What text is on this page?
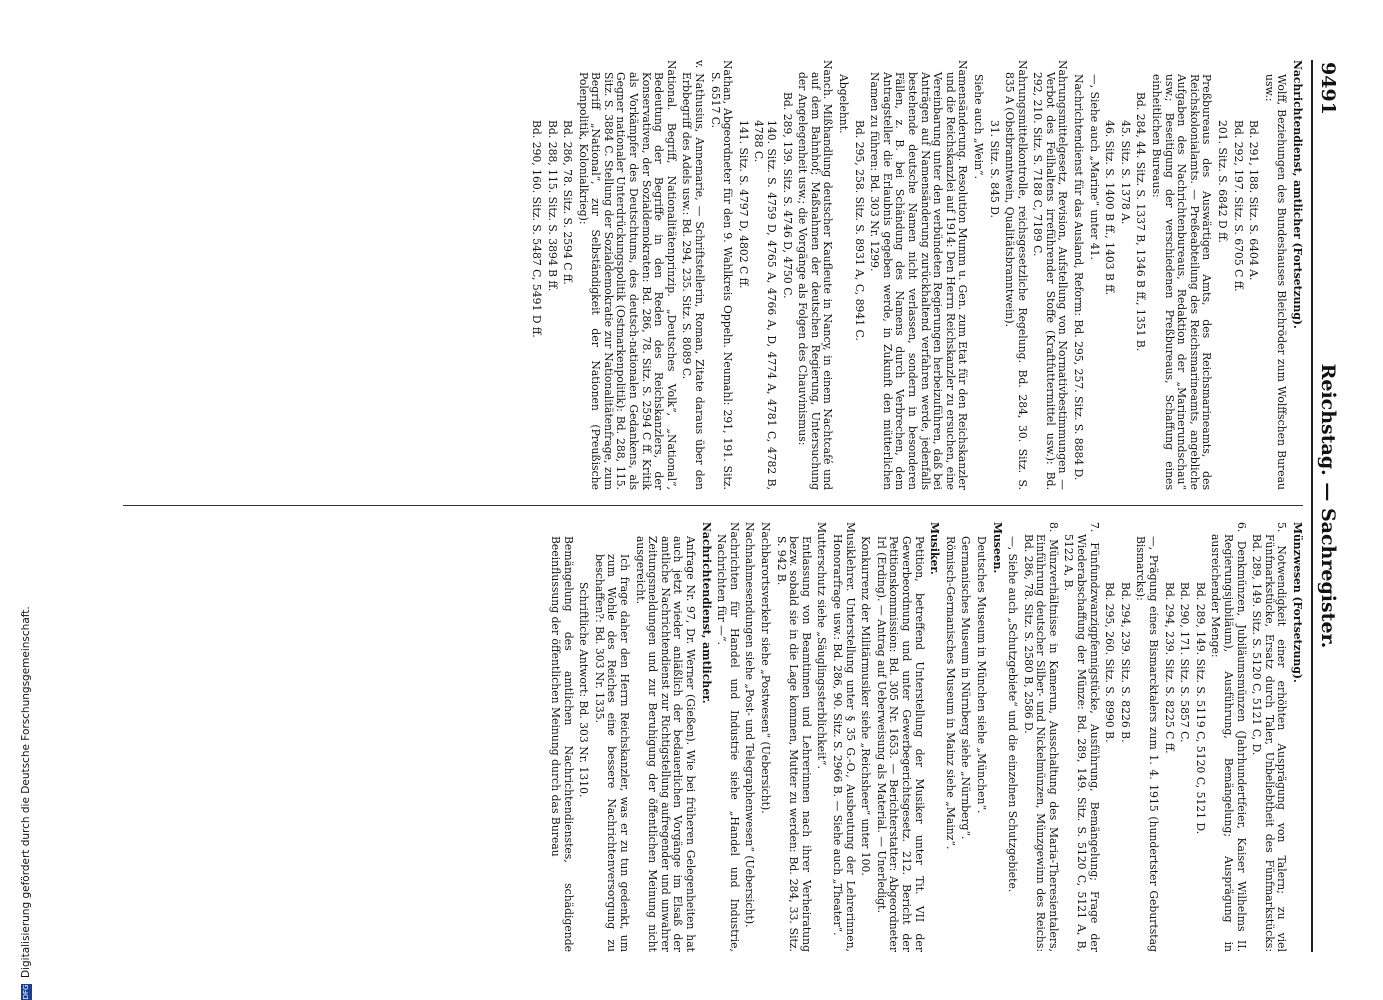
9491
Reichstag. — Sachregister.

Nachrichtendienst, amtlicher (Fortsetzung).

Wolff, Beziehungen des Bundeshauses Bleichröder zum Wolffschen Bureau usw.:

Bd. 291, 188. Sitz. S. 6404 A.

Bd. 292, 197. Sitz. S. 6705 C ff.

201. Sitz. S. 6842 D ff.

Preßbureaus des Auswärtigen Amts, des Reichsmarineamts, des Reichskolonialamts. — Preßeabteilung des Reichsmarineamts, angebliche Aufgaben des Nachrichtenbureaus, Redaktion der „Marinerundschau“ usw.; Beseitigung der verschiedenen Preßbureaus, Schaffung eines einheitlichen Bureaus:

Bd. 284, 44. Sitz. S. 1337 B, 1346 B ff., 1351 B.

45. Sitz. S. 1378 A.

46. Sitz. S. 1400 B ff., 1403 B ff.

—, Siehe auch „Marine“ unter 41.

Nachrichtendienst für das Ausland, Reform: Bd. 295, 257. Sitz. S. 8884 D.

Nahrungsmittelgesetz, Revision, Aufstellung von Normativbestimmungen — Verbot des Feilhaltens irreführender Stoffe (Kraftfuttermittel usw.): Bd. 292, 210. Sitz. S. 7188 C, 7189 C.

Nahrungsmittelkontrolle, reichsgesetzliche Regelung. Bd. 284, 30. Sitz. S. 835 A (Obstbranntwein, Qualitätsbranntwein).

31. Sitz. S. 845 D.

Siehe auch „Wein“.

Namensänderung. Resolution Mumm u. Gen. zum Etat für den Reichskanzler und die Reichskanzlei auf 1914: Den Herrn Reichskanzler zu ersuchen, eine Vereinbarung unter den verbündeten Regierungen herbeizuführen, daß bei Anträgen auf Namensänderung zurückhaltend verfahren werde, jedenfalls bestehende deutsche Namen nicht verlassen, sondern in besonderen Fällen, z. B. bei Schändung des Namens durch Verbrechen, dem Antragsteller die Erlaubnis gegeben werde, in Zukunft den mütterlichen Namen zu führen: Bd. 303 Nr. 1299.

Bd. 295, 258. Sitz. S. 8931 A, C, 8941 C.

Abgelehnt.

Nanch. Mißhandlung deutscher Kaufleute in Nancy, in einem Nachtcafé und auf dem Bahnhof; Maßnahmen der deutschen Regierung, Untersuchung der Angelegenheit usw.; die Vorgänge als Folgen des Chauvinismus:

Bd. 289, 139. Sitz. S. 4746 D, 4750 C.

140. Sitz. S. 4759 D, 4765 A, 4766 A, D, 4774 A, 4781 C, 4782 B, 4788 C.

141. Sitz. S. 4797 D, 4802 C ff.

Nathan, Abgeordneter für den 9. Wahlkreis Oppeln. Neumahl: 291, 191. Sitz. S. 6517 C.

v. Nathusius, Annemarie, — Schriftstellerin, Roman, Zitate daraus über den Erbbegriff des Adels usw.: Bd. 294, 235. Sitz. S. 8089 C.

National. Begriff, Nationalitätenprinzip. „Deutsches Volk“, „National“, Bedeutung der Begriffe in den Reden des Reichskanzlers, der Konservativen, der Sozialdemokraten: Bd. 286, 78. Sitz. S. 2594 C ff. Kritik als Vorkämpfer des Deutschtums, des deutsch-nationalen Gedankens, als Gegner nationaler Unterdrückungspolitik (Ostmarkenpolitik): Bd. 288, 115. Sitz. S. 3884 C. Stellung der Sozialdemokratie zur Nationalitätenfrage, zum Begriff „National“, zur Selbständigkeit der Nationen (Preußische Polenpolitik, Kolonialkrieg):

Bd. 286, 78. Sitz. S. 2594 C ff.

Bd. 288, 115. Sitz. S. 3894 B ff.

Bd. 290, 160. Sitz. S. 5487 C, 5491 D ff.

Münzwesen (Fortsetzung).

5. Notwendigkeit einer erhöhten Ausprägung von Talern; zu viel Fünfmarkstücke, Ersatz durch Taler, Unbeliebtheit des Fünfmarkstücks: Bd. 289, 149. Sitz. S. 5120 C, 5121 C, D.

6. Denkmünzen, Jubiläumsmünzen (Jahrhundertfeier, Kaiser Wilhelms II. Regierungsjubiläum), Ausführung, Bemängelung; Ausprägung in ausreichender Menge:

Bd. 289, 149. Sitz. S. 5119 C, 5120 C, 5121 D.

Bd. 290, 171. Sitz. S. 5857 C.

Bd. 294, 239. Sitz. S. 8225 C ff.

—, Prägung eines Bismarcktalers zum 1. 4. 1915 (hundertster Geburtstag Bismarcks):

Bd. 294, 239. Sitz. S. 8226 B.

Bd. 295, 260. Sitz. S. 8990 B.

7. Fünfundzwanzigpfennigstücke, Ausführung, Bemängelung; Frage der Wiederabschaffung der Münze: Bd. 289, 149. Sitz. S. 5120 C, 5121 A, B, 5122 A, B.

8. Münzverhältnisse in Kamerun, Ausschaltung des Maria-Theresientalers, Einführung deutscher Silber- und Nickelmünzen, Münzgewinn des Reichs: Bd. 286, 78. Sitz. S. 2580 B, 2586 D.

—, Siehe auch „Schutzgebiete“ und die einzelnen Schutzgebiete.

Museen.

Deutsches Museum in München siehe „München“.

Germanisches Museum in Nürnberg siehe „Nürnberg“.

Römisch-Germanisches Museum in Mainz siehe „Mainz“.

Musiker.

Petition, betreffend Unterstellung der Musiker unter Tit. VII der Gewerbeordnung und unter Gewerbegerichtsgesetz. 212. Bericht der Petitionskommission: Bd. 305 Nr. 1653. — Berichterstatter: Abgeordneter Irl (Erding). — Antrag auf Ueberweisung als Material. — Unerledigt.

Konkurrenz der Militärmusiker siehe „Reichsheer“ unter 100.

Musiklehrer. Unterstellung unter § 35 G.-O., Ausbeutung der Lehrerinnen, Honorarfrage usw.: Bd. 286, 90. Sitz. S. 2966 B. — Siehe auch „Theater“.

Mutterschutz siehe „Säuglingssterblichkeit“.

Entlassung von Beamtinnen und Lehrerinnen nach ihrer Verheiratung bezw. sobald sie in die Lage kommen, Mutter zu werden: Bd. 284, 33. Sitz. S. 942 B.

Nachbarortsverkehr siehe „Postwesen“ (Uebersicht).

Nachnahmesendungen siehe „Post- und Telegraphenwesen“ (Uebersicht).

Nachrichten für Handel und Industrie siehe „Handel und Industrie, Nachrichten für —“.

Nachrichtendienst, amtlicher.

Anfrage Nr. 97, Dr. Werner (Gießen). Wie bei früheren Gelegenheiten hat auch jetzt wieder anläßlich der bedauerlichen Vorgänge im Elsaß der amtliche Nachrichtendienst zur Richtigstellung aufregender und unwahrer Zeitungsmeldungen und zur Beruhigung der öffentlichen Meinung nicht ausgereicht.

Ich frage daher den Herrn Reichskanzler, was er zu tun gedenkt, um zum Wohle des Reiches eine bessere Nachrichtenversorgung zu beschaffen?: Bd. 303 Nr. 1335.

Schriftliche Antwort: Bd. 303 Nr. 1310.

Bemängelung des amtlichen Nachrichtendienstes, schädigende Beeinflussung der öffentlichen Meinung durch das Bureau

DFGDigitalisierung gefördert durch die Deutsche Forschungsgemeinschaft.
